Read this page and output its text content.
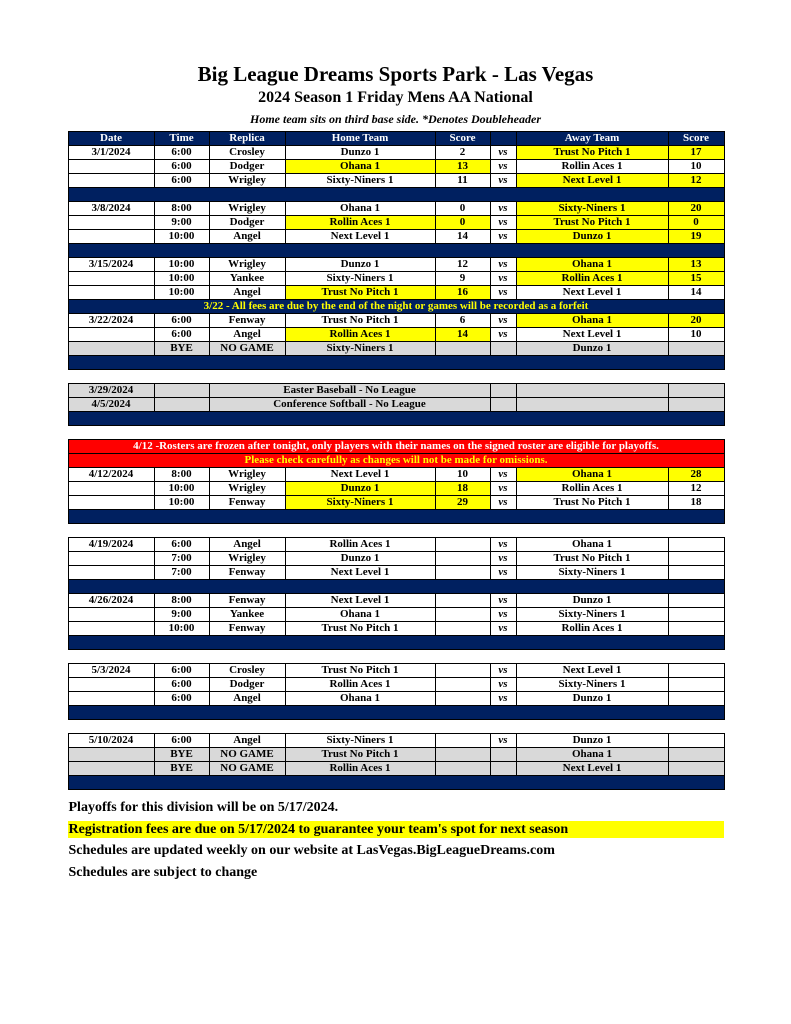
Big League Dreams Sports Park - Las Vegas
2024 Season 1 Friday Mens AA National
Home team sits on third base side. *Denotes Doubleheader
Date	Time	Replica	Home Team	Score		Away Team	Score
3/1/2024	6:00	Crosley	Dunzo 1	2	vs	Trust No Pitch 1	17
	6:00	Dodger	Ohana 1	13	vs	Rollin Aces 1	10
	6:00	Wrigley	Sixty-Niners 1	11	vs	Next Level 1	12

3/8/2024	8:00	Wrigley	Ohana 1	0	vs	Sixty-Niners 1	20
	9:00	Dodger	Rollin Aces 1	0	vs	Trust No Pitch 1	0
	10:00	Angel	Next Level 1	14	vs	Dunzo 1	19

3/15/2024	10:00	Wrigley	Dunzo 1	12	vs	Ohana 1	13
	10:00	Yankee	Sixty-Niners 1	9	vs	Rollin Aces 1	15
	10:00	Angel	Trust No Pitch 1	16	vs	Next Level 1	14
3/22 - All fees are due by the end of the night or games will be recorded as a forfeit							
3/22/2024	6:00	Fenway	Trust No Pitch 1	6	vs	Ohana 1	20
	6:00	Angel	Rollin Aces 1	14	vs	Next Level 1	10
	BYE	NO GAME	Sixty-Niners 1			Dunzo 1	

3/29/2024		Easter Baseball - No League					
4/5/2024		Conference Softball - No League					

4/12 -Rosters are frozen after tonight, only players with their names on the signed roster are eligible for playoffs.							
Please check carefully as changes will not be made for omissions.							
4/12/2024	8:00	Wrigley	Next Level 1	10	vs	Ohana 1	28
	10:00	Wrigley	Dunzo 1	18	vs	Rollin Aces 1	12
	10:00	Fenway	Sixty-Niners 1	29	vs	Trust No Pitch 1	18

4/19/2024	6:00	Angel	Rollin Aces 1		vs	Ohana 1	
	7:00	Wrigley	Dunzo 1		vs	Trust No Pitch 1	
	7:00	Fenway	Next Level 1		vs	Sixty-Niners 1	

4/26/2024	8:00	Fenway	Next Level 1		vs	Dunzo 1	
	9:00	Yankee	Ohana 1		vs	Sixty-Niners 1	
	10:00	Fenway	Trust No Pitch 1		vs	Rollin Aces 1	

5/3/2024	6:00	Crosley	Trust No Pitch 1		vs	Next Level 1	
	6:00	Dodger	Rollin Aces 1		vs	Sixty-Niners 1	
	6:00	Angel	Ohana 1		vs	Dunzo 1	

5/10/2024	6:00	Angel	Sixty-Niners 1		vs	Dunzo 1	
	BYE	NO GAME	Trust No Pitch 1			Ohana 1	
	BYE	NO GAME	Rollin Aces 1			Next Level 1	

Playoffs for this division will be on 5/17/2024.
Registration fees are due on 5/17/2024 to guarantee your team's spot for next season
Schedules are updated weekly on our website at LasVegas.BigLeagueDreams.com
Schedules are subject to change
